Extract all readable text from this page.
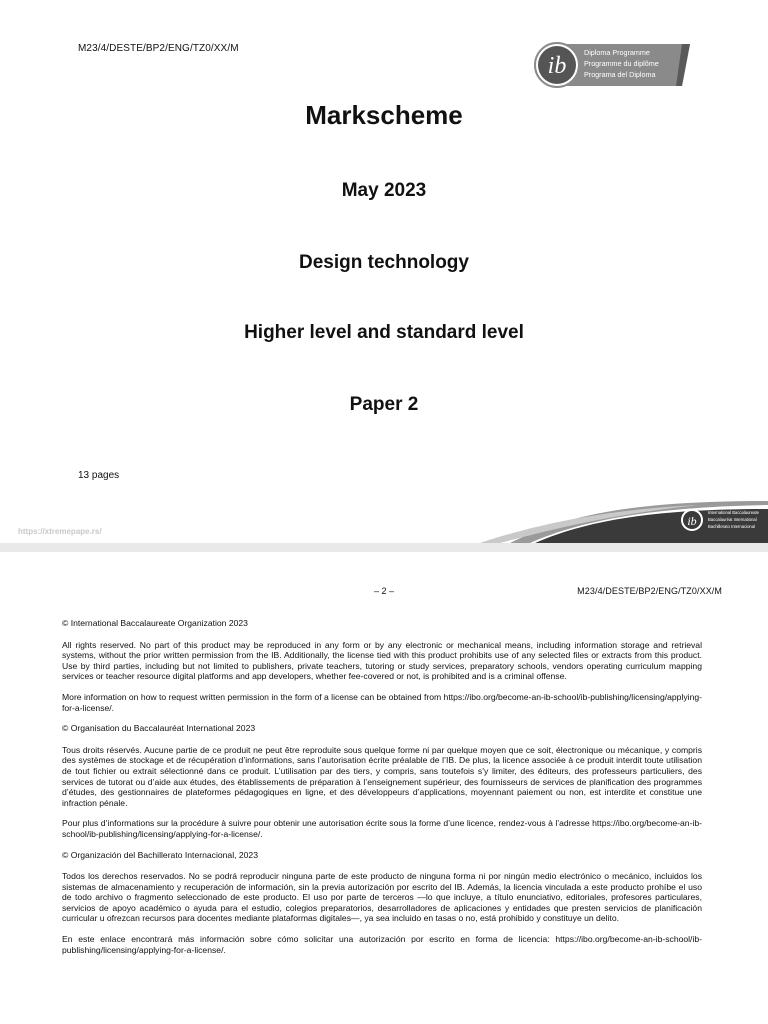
M23/4/DESTE/BP2/ENG/TZ0/XX/M
ib
Diploma Programme
Programme du diplôme
Programa del Diploma
Markscheme
May 2023
Design technology
Higher level and standard level
Paper 2
13 pages
https://xtremepape.rs/
ib
International Baccalaureate
Baccalauréat International
Bachillerato Internacional
– 2 –	M23/4/DESTE/BP2/ENG/TZ0/XX/M

© International Baccalaureate Organization 2023

All rights reserved. No part of this product may be reproduced in any form or by any electronic or mechanical means, including information storage and retrieval systems, without the prior written permission from the IB. Additionally, the license tied with this product prohibits use of any selected files or extracts from this product. Use by third parties, including but not limited to publishers, private teachers, tutoring or study services, preparatory schools, vendors operating curriculum mapping services or teacher resource digital platforms and app developers, whether fee-covered or not, is prohibited and is a criminal offense.

More information on how to request written permission in the form of a license can be obtained from https://ibo.org/become-an-ib-school/ib-publishing/licensing/applying-for-a-license/.

© Organisation du Baccalauréat International 2023

Tous droits réservés. Aucune partie de ce produit ne peut être reproduite sous quelque forme ni par quelque moyen que ce soit, électronique ou mécanique, y compris des systèmes de stockage et de récupération d’informations, sans l’autorisation écrite préalable de l’IB. De plus, la licence associée à ce produit interdit toute utilisation de tout fichier ou extrait sélectionné dans ce produit. L’utilisation par des tiers, y compris, sans toutefois s’y limiter, des éditeurs, des professeurs particuliers, des services de tutorat ou d’aide aux études, des établissements de préparation à l’enseignement supérieur, des fournisseurs de services de planification des programmes d’études, des gestionnaires de plateformes pédagogiques en ligne, et des développeurs d’applications, moyennant paiement ou non, est interdite et constitue une infraction pénale.

Pour plus d’informations sur la procédure à suivre pour obtenir une autorisation écrite sous la forme d’une licence, rendez-vous à l’adresse https://ibo.org/become-an-ib-school/ib-publishing/licensing/applying-for-a-license/.

© Organización del Bachillerato Internacional, 2023

Todos los derechos reservados. No se podrá reproducir ninguna parte de este producto de ninguna forma ni por ningún medio electrónico o mecánico, incluidos los sistemas de almacenamiento y recuperación de información, sin la previa autorización por escrito del IB. Además, la licencia vinculada a este producto prohíbe el uso de todo archivo o fragmento seleccionado de este producto. El uso por parte de terceros —lo que incluye, a título enunciativo, editoriales, profesores particulares, servicios de apoyo académico o ayuda para el estudio, colegios preparatorios, desarrolladores de aplicaciones y entidades que presten servicios de planificación curricular u ofrezcan recursos para docentes mediante plataformas digitales—, ya sea incluido en tasas o no, está prohibido y constituye un delito.

En este enlace encontrará más información sobre cómo solicitar una autorización por escrito en forma de licencia: https://ibo.org/become-an-ib-school/ib-publishing/licensing/applying-for-a-license/.
